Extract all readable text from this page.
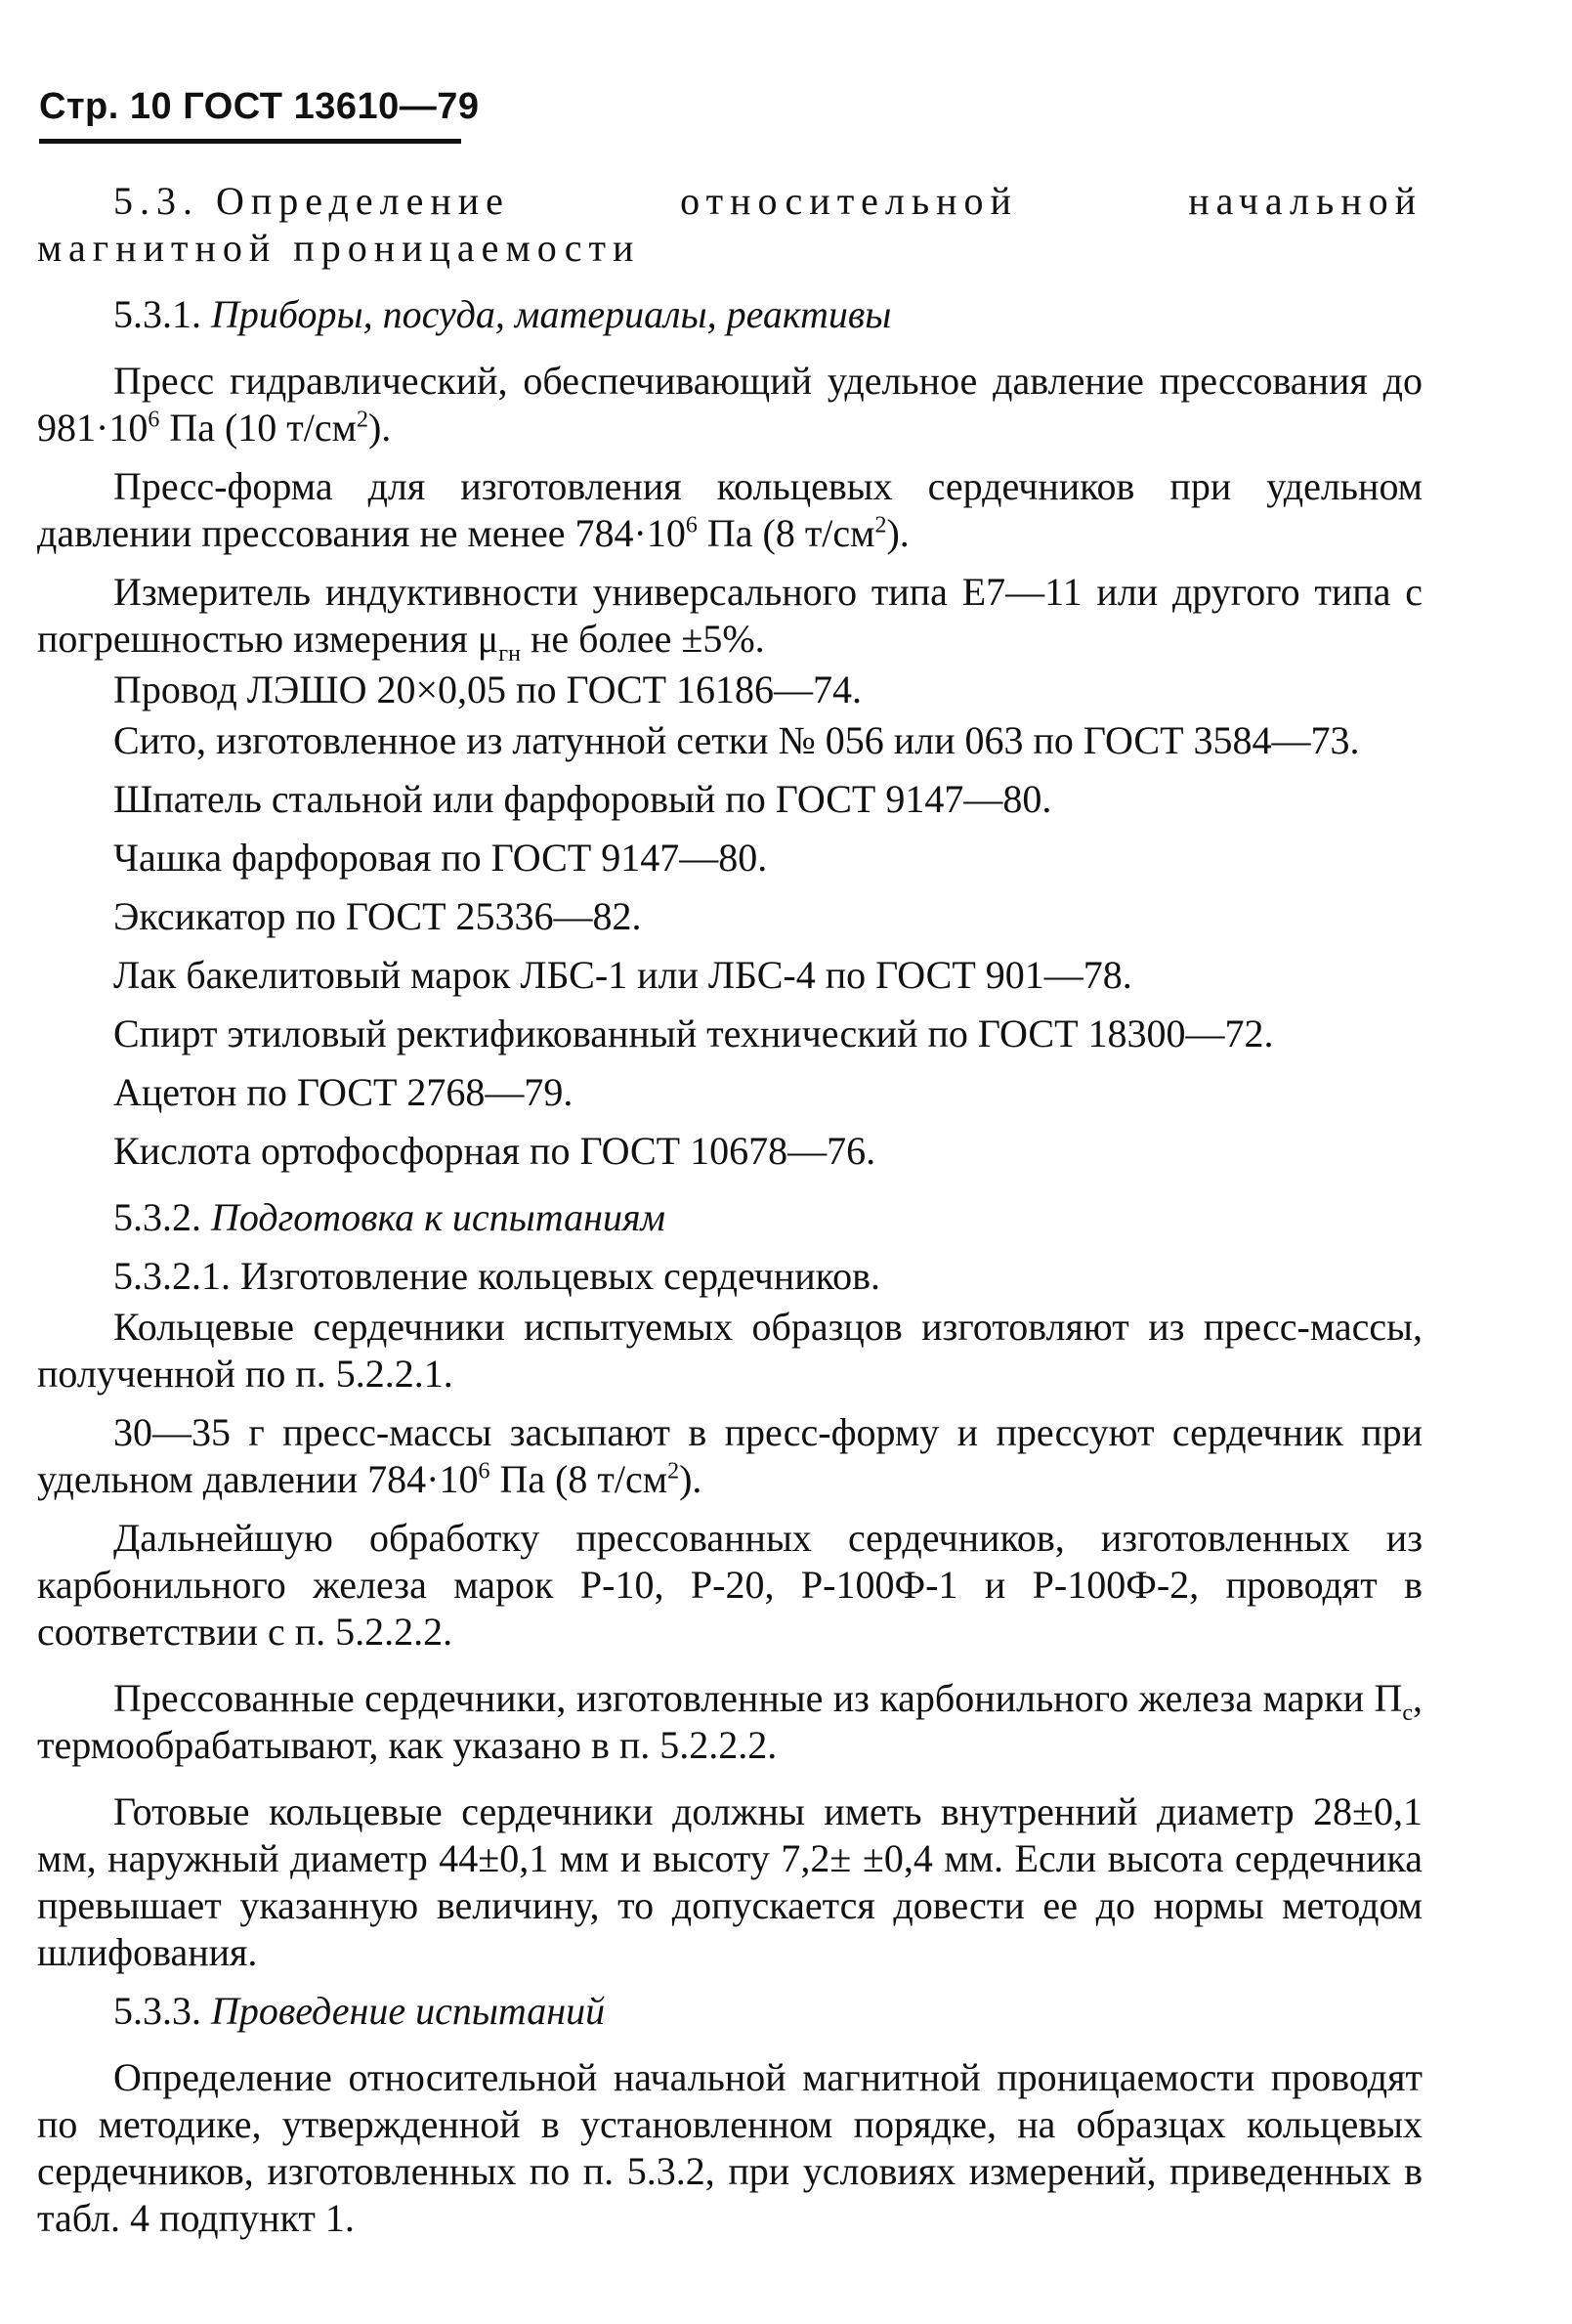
Стр. 10 ГОСТ 13610—79
5.3. Определение	относительной	начальной

магнитной проницаемости

5.3.1. Приборы, посуда, материалы, реактивы

Пресс гидравлический, обеспечивающий удельное давление прессования до $981\cdot 10^6$ Па (10 $т/см^2$).

Пресс-форма для изготовления кольцевых сердечников при удельном давлении прессования не менее $784\cdot 10^6$ Па (8 $т/см^2$).

Измеритель индуктивности универсального типа Е7—11 или другого типа с погрешностью измерения $\mu_{гн}$ не более ±5%.

Провод ЛЭШО 20×0,05 по ГОСТ 16186—74.

Сито, изготовленное из латунной сетки № 056 или 063 по ГОСТ 3584—73.

Шпатель стальной или фарфоровый по ГОСТ 9147—80.

Чашка фарфоровая по ГОСТ 9147—80.

Эксикатор по ГОСТ 25336—82.

Лак бакелитовый марок ЛБС-1 или ЛБС-4 по ГОСТ 901—78.

Спирт этиловый ректификованный технический по ГОСТ 18300—72.

Ацетон по ГОСТ 2768—79.

Кислота ортофосфорная по ГОСТ 10678—76.

5.3.2. Подготовка к испытаниям

5.3.2.1. Изготовление кольцевых сердечников.

Кольцевые сердечники испытуемых образцов изготовляют из пресс-массы, полученной по п. 5.2.2.1.

30—35 г пресс-массы засыпают в пресс-форму и прессуют сердечник при удельном давлении $784\cdot 10^6$ Па (8 $т/см^2$).

Дальнейшую обработку прессованных сердечников, изготовленных из карбонильного железа марок Р-10, Р-20, Р-100Ф-1 и Р-100Ф-2, проводят в соответствии с п. 5.2.2.2.

Прессованные сердечники, изготовленные из карбонильного железа марки $П_с$, термообрабатывают, как указано в п. 5.2.2.2.

Готовые кольцевые сердечники должны иметь внутренний диаметр 28±0,1 мм, наружный диаметр 44±0,1 мм и высоту 7,2± ±0,4 мм. Если высота сердечника превышает указанную величину, то допускается довести ее до нормы методом шлифования.

5.3.3. Проведение испытаний

Определение относительной начальной магнитной проницаемости проводят по методике, утвержденной в установленном порядке, на образцах кольцевых сердечников, изготовленных по п. 5.3.2, при условиях измерений, приведенных в табл. 4 подпункт 1.
